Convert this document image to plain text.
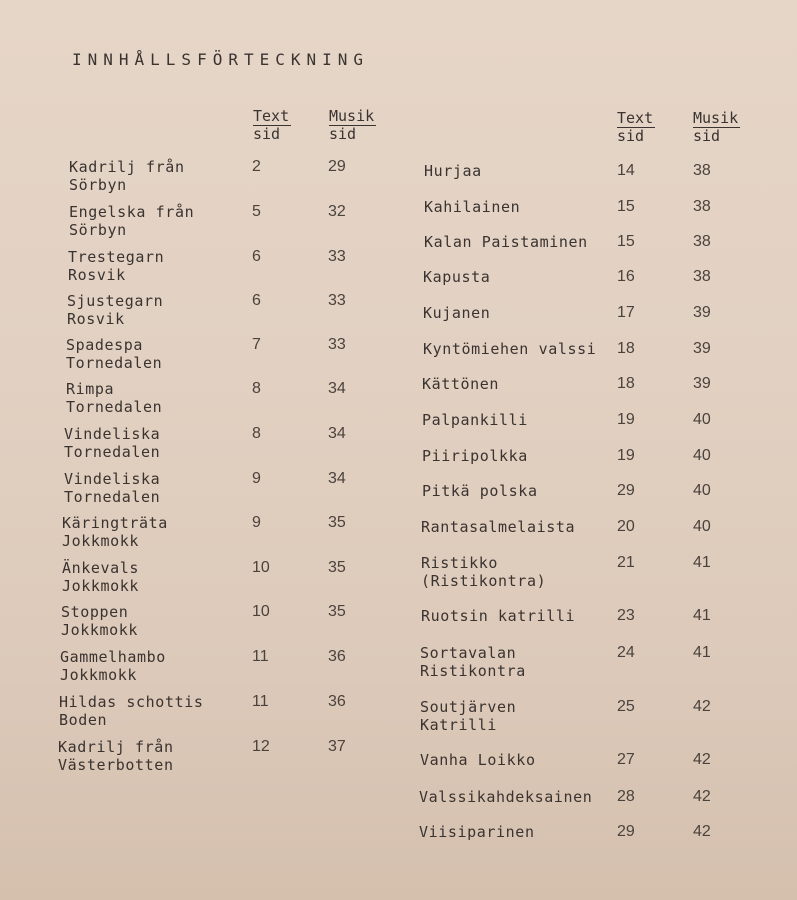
INNHÅLLSFÖRTECKNING
Text
sid
Musik
sid
Text
sid
Musik
sid
Kadrilj från
Sörbyn
2	29
Engelska från
Sörbyn
5	32
Trestegarn
Rosvik
6	33
Sjustegarn
Rosvik
6	33
Spadespa
Tornedalen
7	33
Rimpa
Tornedalen
8	34
Vindeliska
Tornedalen
8	34
Vindeliska
Tornedalen
9	34
Käringträta
Jokkmokk
9	35
Änkevals
Jokkmokk
10	35
Stoppen
Jokkmokk
10	35
Gammelhambo
Jokkmokk
11	36
Hildas schottis
Boden
11	36
Kadrilj från
Västerbotten
12	37
Hurjaa	14	38
Kahilainen	15	38
Kalan Paistaminen 15	38
Kapusta	16	38
Kujanen	17	39
Kyntömiehen valssi 18	39
Kättönen	18	39
Palpankilli	19	40
Piiripolkka	19	40
Pitkä polska	29	40
Rantasalmelaista	20	40
Ristikko
(Ristikontra)
21	41
Ruotsin katrilli	23	41
Sortavalan
Ristikontra
24	41
Soutjärven
Katrilli
25	42
Vanha Loikko	27	42
Valssikahdeksainen 28	42
Viisiparinen	29	42
